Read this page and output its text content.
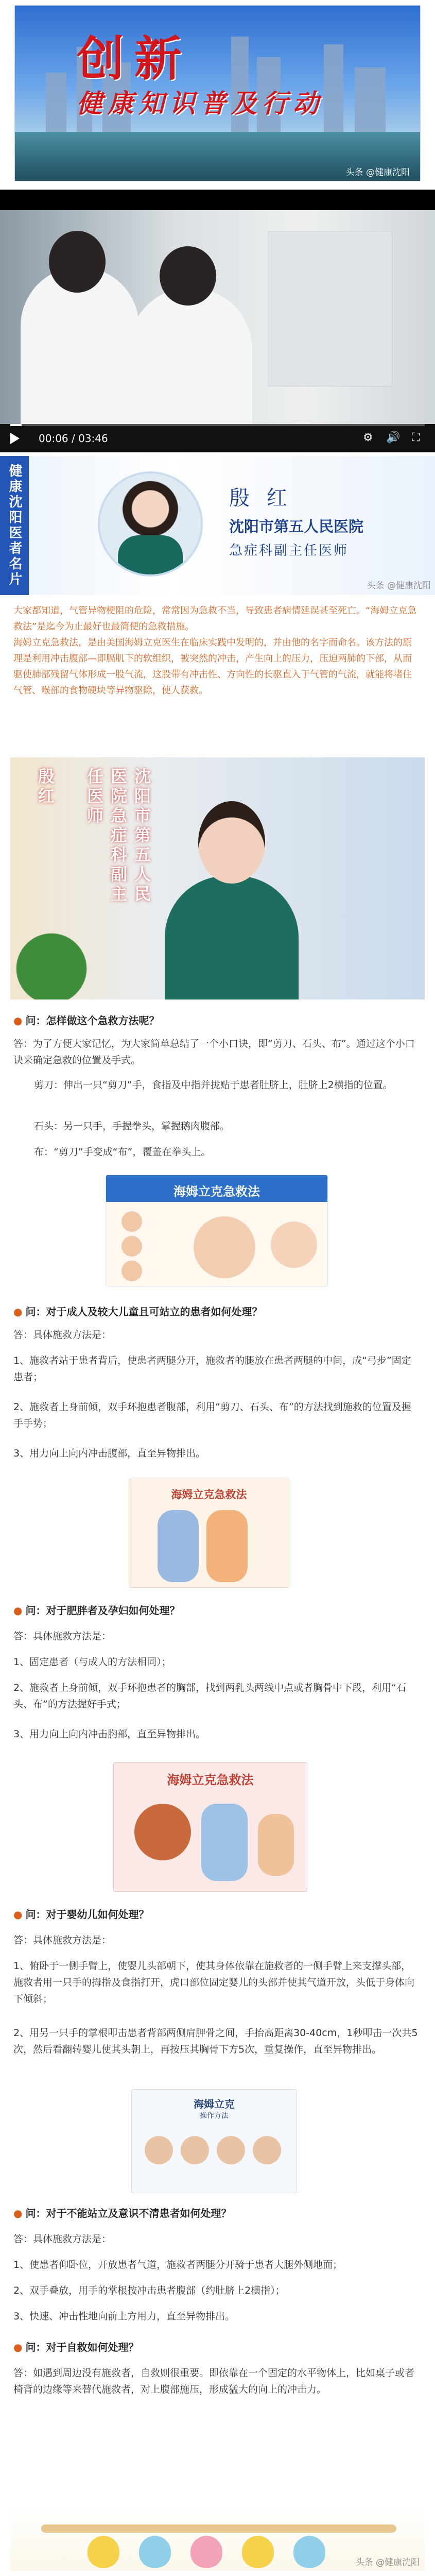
创新
健康知识普及行动
头条 @健康沈阳
00:06 / 03:46	⚙ 🔊 ⛶
健康沈阳医者名片	殷 红
沈阳市第五人民医院
急症科副主任医师
头条 @健康沈阳
大家都知道，气管异物梗阻的危险，常常因为急救不当，导致患者病情延误甚至死亡。“海姆立克急救法”是迄今为止最好也最简便的急救措施。
海姆立克急救法，是由美国海姆立克医生在临床实践中发明的，并由他的名字而命名。该方法的原理是利用冲击腹部—即膈肌下的软组织，被突然的冲击，产生向上的压力，压迫两肺的下部，从而驱使肺部残留气体形成一股气流，这股带有冲击性、方向性的长驱直入于气管的气流，就能将堵住气管、喉部的食物硬块等异物驱除，使人获救。
殷红	沈阳市第五人民医院急症科副主任医师
● 问：怎样做这个急救方法呢？
答：为了方便大家记忆，为大家简单总结了一个小口诀，即“剪刀、石头、布”。通过这个小口诀来确定急救的位置及手式。
剪刀：伸出一只“剪刀”手，食指及中指并拢贴于患者肚脐上，肚脐上2横指的位置。
石头：另一只手，手握拳头，掌握鹅肉腹部。
布：“剪刀”手变成“布”，覆盖在拳头上。
海姆立克急救法
● 问：对于成人及较大儿童且可站立的患者如何处理？
答：具体施救方法是：
1、施救者站于患者背后，使患者两腿分开，施救者的腿放在患者两腿的中间，成“弓步”固定患者；
2、施救者上身前倾，双手环抱患者腹部，利用“剪刀、石头、布”的方法找到施救的位置及握手手势；
3、用力向上向内冲击腹部，直至异物排出。
海姆立克急救法
● 问：对于肥胖者及孕妇如何处理？
答：具体施救方法是：
1、固定患者（与成人的方法相同）；
2、施救者上身前倾，双手环抱患者的胸部，找到两乳头两线中点或者胸骨中下段，利用“石头、布”的方法握好手式；
3、用力向上向内冲击胸部，直至异物排出。
海姆立克急救法
● 问：对于婴幼儿如何处理？
答：具体施救方法是：
1、俯卧于一侧手臂上，使婴儿头部朝下，使其身体依靠在施救者的一侧手臂上来支撑头部，施救者用一只手的拇指及食指打开，虎口部位固定婴儿的头部并使其气道开放，头低于身体向下倾斜；
2、用另一只手的掌根叩击患者背部两侧肩胛骨之间，手抬高距离30-40cm，1秒叩击一次共5次，然后看翻转婴儿使其头朝上，再按压其胸骨下方5次，重复操作，直至异物排出。
海姆立克
操作方法
● 问：对于不能站立及意识不清患者如何处理？
答：具体施救方法是：
1、使患者仰卧位，开放患者气道，施救者两腿分开骑于患者大腿外侧地面；
2、双手叠放，用手的掌根按冲击患者腹部（约肚脐上2横指）；
3、快速、冲击性地向前上方用力，直至异物排出。
● 问：对于自救如何处理？
答：如遇到周边没有施救者，自救则很重要。即依靠在一个固定的水平物体上，比如桌子或者椅背的边缘等来替代施救者，对上腹部施压，形成猛大的向上的冲击力。
头条 @健康沈阳
